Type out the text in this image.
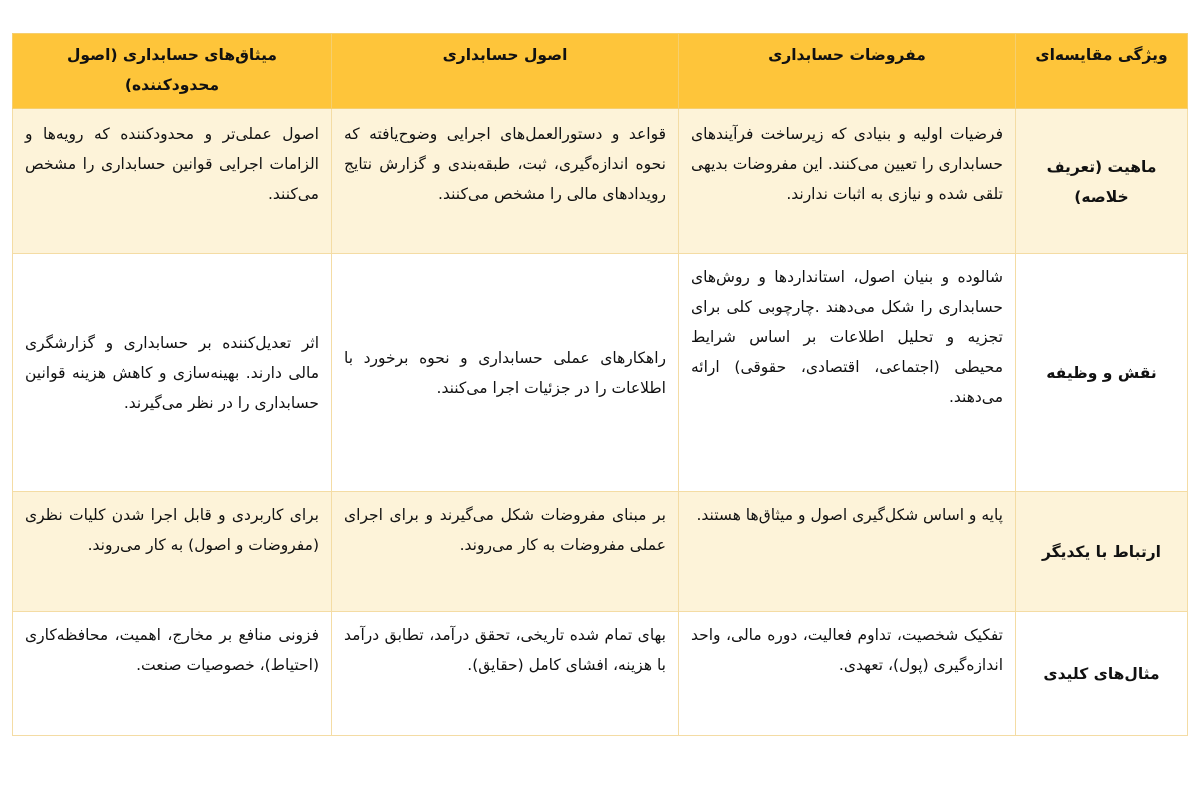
ویژگی مقایسه‌ای	مفروضات حسابداری	اصول حسابداری	میثاق‌های حسابداری (اصول محدودکننده)
ماهیت (تعریف خلاصه)	فرضیات اولیه و بنیادی که زیرساخت فرآیندهای حسابداری را تعیین می‌کنند. این مفروضات بدیهی تلقی شده و نیازی به اثبات ندارند.	قواعد و دستورالعمل‌های اجرایی وضوح‌یافته که نحوه اندازه‌گیری، ثبت، طبقه‌بندی و گزارش نتایج رویدادهای مالی را مشخص می‌کنند.	اصول عملی‌تر و محدودکننده که رویه‌ها و الزامات اجرایی قوانین حسابداری را مشخص می‌کنند.
نقش و وظیفه	شالوده و بنیان اصول، استانداردها و روش‌های حسابداری را شکل می‌دهند .چارچوبی کلی برای تجزیه و تحلیل اطلاعات بر اساس شرایط محیطی (اجتماعی، اقتصادی، حقوقی) ارائه می‌دهند.	راهکارهای عملی حسابداری و نحوه برخورد با اطلاعات را در جزئیات اجرا می‌کنند.	اثر تعدیل‌کننده بر حسابداری و گزارشگری مالی دارند. بهینه‌سازی و کاهش هزینه قوانین حسابداری را در نظر می‌گیرند.
ارتباط با یکدیگر	پایه و اساس شکل‌گیری اصول و میثاق‌ها هستند.	بر مبنای مفروضات شکل می‌گیرند و برای اجرای عملی مفروضات به کار می‌روند.	برای کاربردی و قابل اجرا شدن کلیات نظری (مفروضات و اصول) به کار می‌روند.
مثال‌های کلیدی	تفکیک شخصیت، تداوم فعالیت، دوره مالی، واحد اندازه‌گیری (پول)، تعهدی.	بهای تمام شده تاریخی، تحقق درآمد، تطابق درآمد با هزینه، افشای کامل (حقایق).	فزونی منافع بر مخارج، اهمیت، محافظه‌کاری (احتیاط)، خصوصیات صنعت.
